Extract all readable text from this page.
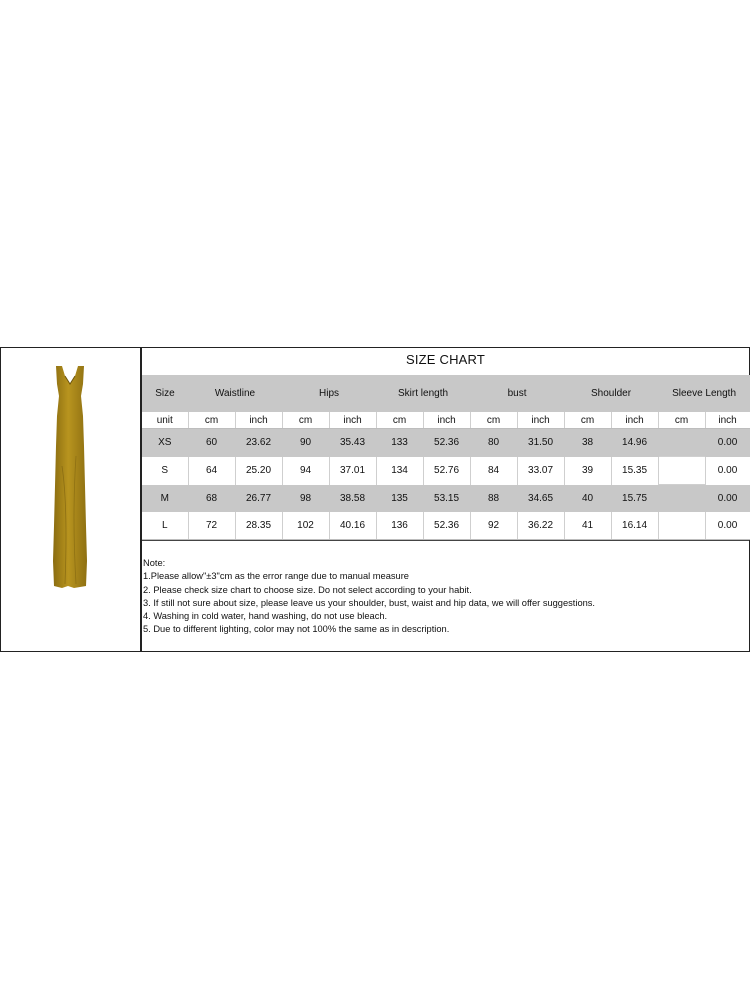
SIZE CHART
Size	Waistline		Hips		Skirt length		bust		Shoulder		Sleeve Length	
unit	cm	inch	cm	inch	cm	inch	cm	inch	cm	inch	cm	inch
XS	60	23.62	90	35.43	133	52.36	80	31.50	38	14.96		0.00
S	64	25.20	94	37.01	134	52.76	84	33.07	39	15.35		0.00
M	68	26.77	98	38.58	135	53.15	88	34.65	40	15.75		0.00
L	72	28.35	102	40.16	136	52.36	92	36.22	41	16.14		0.00
Note:
1.Please allow"±3"cm as the error range due to manual measure
2. Please check size chart to choose size. Do not select according to your habit.
3. If still not sure about size, please leave us your shoulder, bust, waist and hip data, we will offer suggestions.
4. Washing in cold water, hand washing, do not use bleach.
5. Due to different lighting, color may not 100% the same as in description.
